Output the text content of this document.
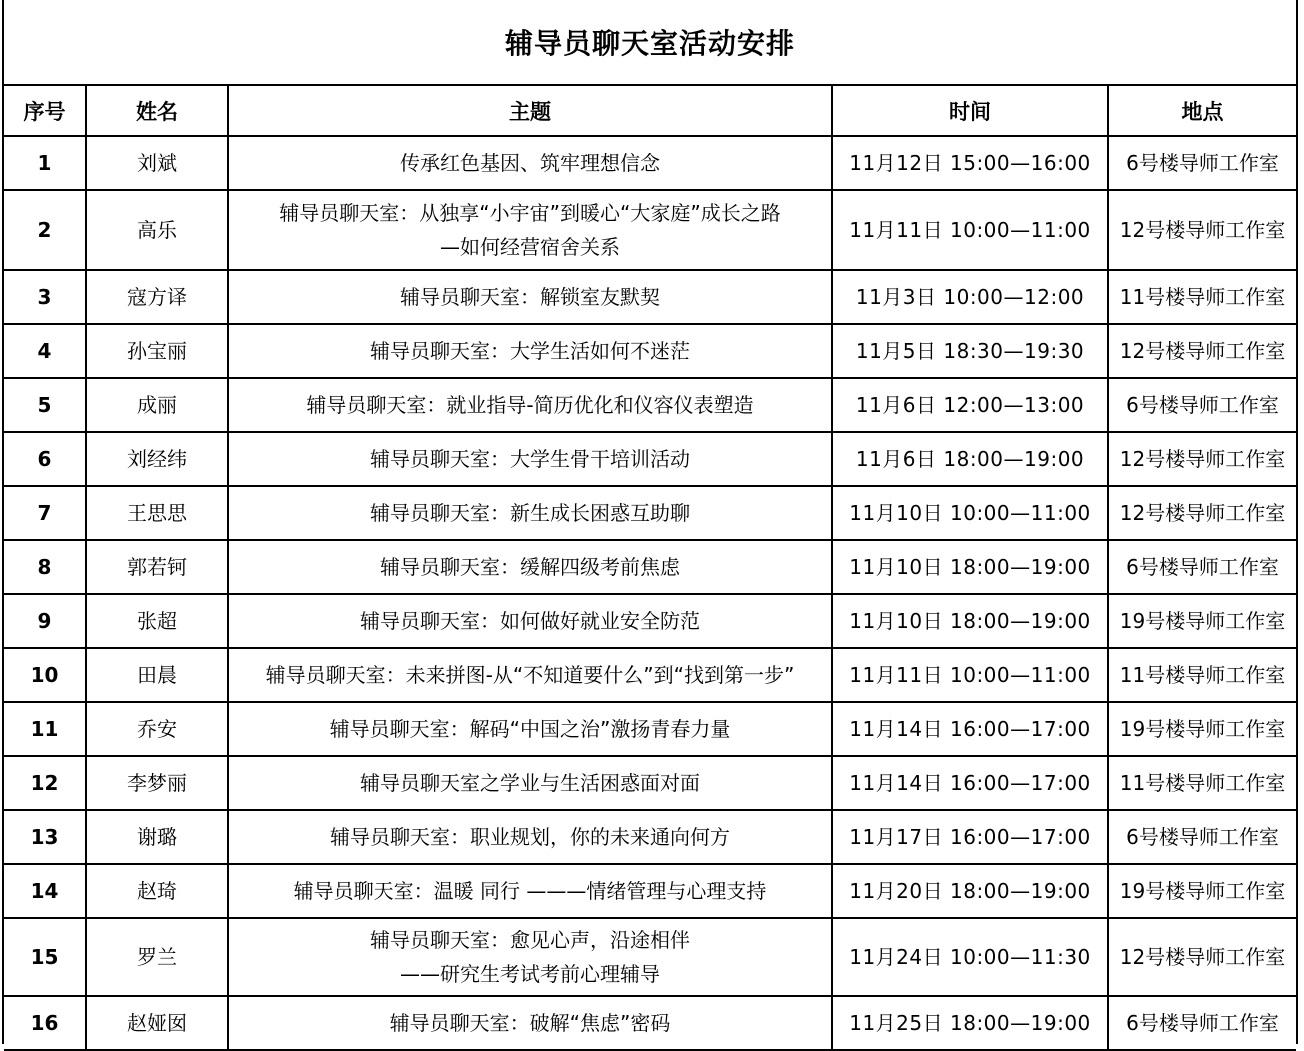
辅导员聊天室活动安排
序号	姓名	主题	时间	地点
1	刘斌	传承红色基因、筑牢理想信念	11月12日 15:00—16:00	6号楼导师工作室
2	高乐	辅导员聊天室：从独享“小宇宙”到暖心“大家庭”成长之路
—如何经营宿舍关系	11月11日 10:00—11:00	12号楼导师工作室
3	寇方译	辅导员聊天室：解锁室友默契	11月3日 10:00—12:00	11号楼导师工作室
4	孙宝丽	辅导员聊天室：大学生活如何不迷茫	11月5日 18:30—19:30	12号楼导师工作室
5	成丽	辅导员聊天室：就业指导-简历优化和仪容仪表塑造	11月6日 12:00—13:00	6号楼导师工作室
6	刘经纬	辅导员聊天室：大学生骨干培训活动	11月6日 18:00—19:00	12号楼导师工作室
7	王思思	辅导员聊天室：新生成长困惑互助聊	11月10日 10:00—11:00	12号楼导师工作室
8	郭若钶	辅导员聊天室：缓解四级考前焦虑	11月10日 18:00—19:00	6号楼导师工作室
9	张超	辅导员聊天室：如何做好就业安全防范	11月10日 18:00—19:00	19号楼导师工作室
10	田晨	辅导员聊天室：未来拼图-从“不知道要什么”到“找到第一步”	11月11日 10:00—11:00	11号楼导师工作室
11	乔安	辅导员聊天室：解码“中国之治”激扬青春力量	11月14日 16:00—17:00	19号楼导师工作室
12	李梦丽	辅导员聊天室之学业与生活困惑面对面	11月14日 16:00—17:00	11号楼导师工作室
13	谢璐	辅导员聊天室：职业规划，你的未来通向何方	11月17日 16:00—17:00	6号楼导师工作室
14	赵琦	辅导员聊天室：温暖 同行 ———情绪管理与心理支持	11月20日 18:00—19:00	19号楼导师工作室
15	罗兰	辅导员聊天室：愈见心声，沿途相伴
——研究生考试考前心理辅导	11月24日 10:00—11:30	12号楼导师工作室
16	赵娅囡	辅导员聊天室：破解“焦虑”密码	11月25日 18:00—19:00	6号楼导师工作室
